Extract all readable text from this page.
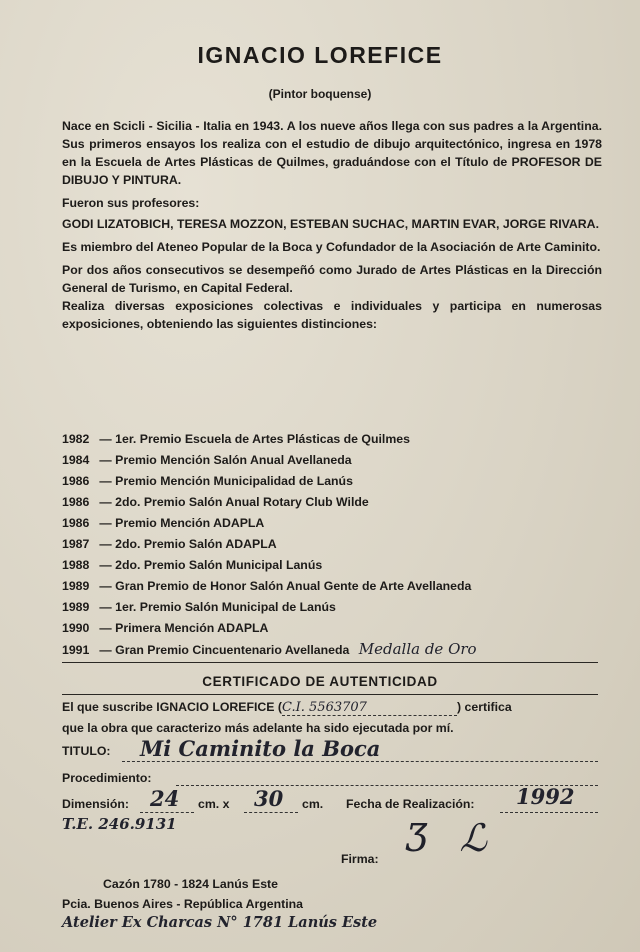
IGNACIO LOREFICE
(Pintor boquense)

Nace en Scicli - Sicilia - Italia en 1943. A los nueve años llega con sus padres a la Argentina. Sus primeros ensayos los realiza con el estudio de dibujo arquitectónico, ingresa en 1978 en la Escuela de Artes Plásticas de Quilmes, graduándose con el Título de PROFESOR DE DIBUJO Y PINTURA.

Fueron sus profesores:

GODI LIZATOBICH, TERESA MOZZON, ESTEBAN SUCHAC, MARTIN EVAR, JORGE RIVARA.

Es miembro del Ateneo Popular de la Boca y Cofundador de la Asociación de Arte Caminito.

Por dos años consecutivos se desempeñó como Jurado de Artes Plásticas en la Dirección General de Turismo, en Capital Federal.

Realiza diversas exposiciones colectivas e individuales y participa en numerosas exposiciones, obteniendo las siguientes distinciones:

1982 — 1er. Premio Escuela de Artes Plásticas de Quilmes
1984 — Premio Mención Salón Anual Avellaneda
1986 — Premio Mención Municipalidad de Lanús
1986 — 2do. Premio Salón Anual Rotary Club Wilde
1986 — Premio Mención ADAPLA
1987 — 2do. Premio Salón ADAPLA
1988 — 2do. Premio Salón Municipal Lanús
1989 — Gran Premio de Honor Salón Anual Gente de Arte Avellaneda
1989 — 1er. Premio Salón Municipal de Lanús
1990 — Primera Mención ADAPLA
1991 — Gran Premio Cincuentenario Avellaneda Medalla de Oro
CERTIFICADO DE AUTENTICIDAD
El que suscribe IGNACIO LOREFICE (C.I. 5563707	) certifica
que la obra que caracterizo más adelante ha sido ejecutada por mí.
TITULO: Mi Caminito la Boca
Procedimiento:
Dimensión: 24 cm. x 30 cm. Fecha de Realización: 1992
T.E. 246.9131
Firma: Ʒ ℒ
Cazón 1780 - 1824 Lanús Este
Pcia. Buenos Aires - República Argentina
Atelier Ex Charcas N° 1781 Lanús Este
